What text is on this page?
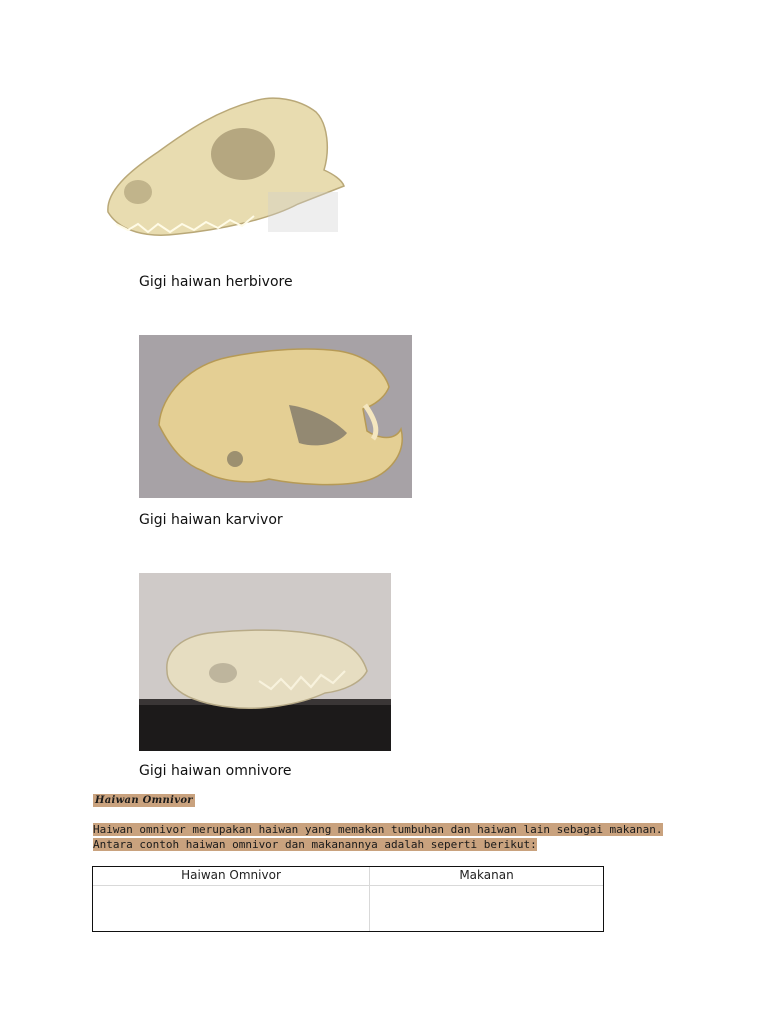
Gigi haiwan herbivore
Gigi haiwan karvivor
Gigi haiwan omnivore
Haiwan Omnivor
Haiwan omnivor merupakan haiwan yang memakan tumbuhan dan haiwan lain sebagai makanan.
Antara contoh haiwan omnivor dan makanannya adalah seperti berikut:
Haiwan Omnivor	Makanan
